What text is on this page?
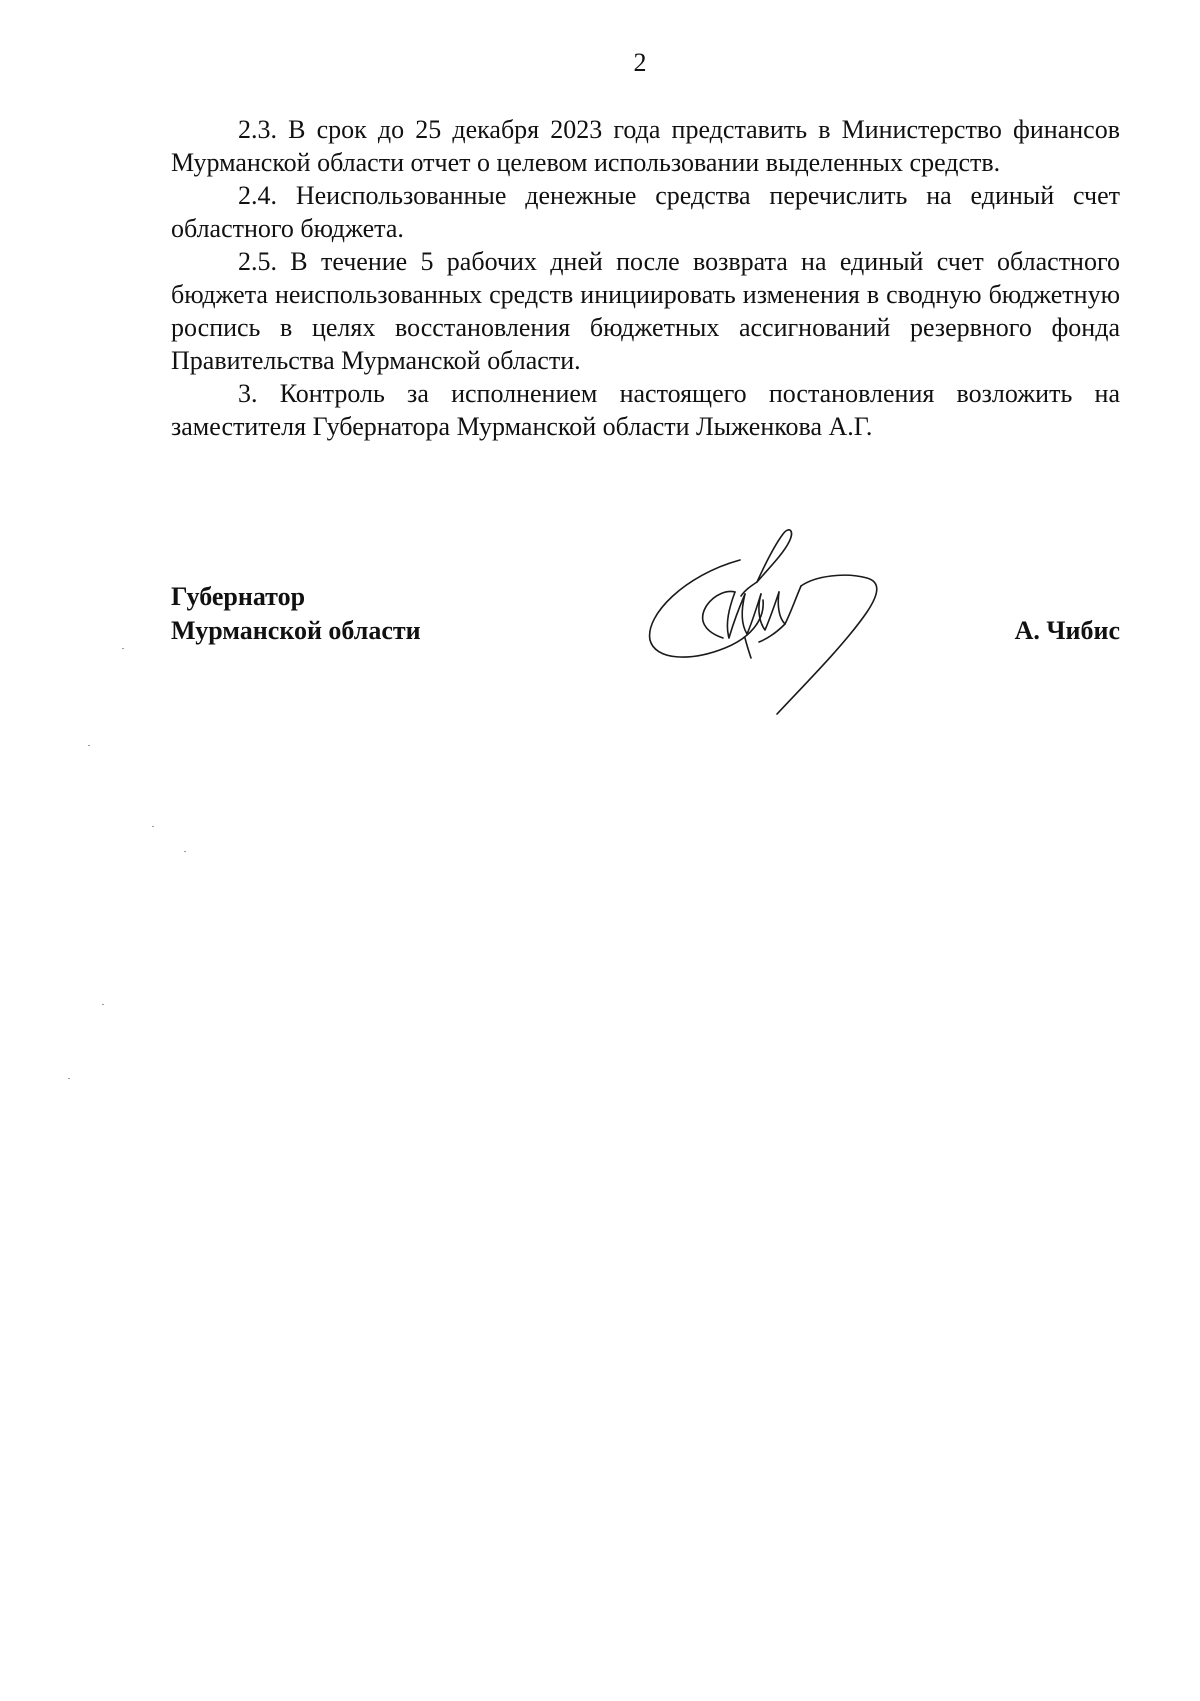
2

2.3. В срок до 25 декабря 2023 года представить в Министерство финансов Мурманской области отчет о целевом использовании выделенных средств.

2.4. Неиспользованные денежные средства перечислить на единый счет областного бюджета.

2.5. В течение 5 рабочих дней после возврата на единый счет областного бюджета неиспользованных средств инициировать изменения в сводную бюджетную роспись в целях восстановления бюджетных ассигнований резервного фонда Правительства Мурманской области.

3. Контроль за исполнением настоящего постановления возложить на заместителя Губернатора Мурманской области Лыженкова А.Г.

Губернатор
Мурманской области	А. Чибис
